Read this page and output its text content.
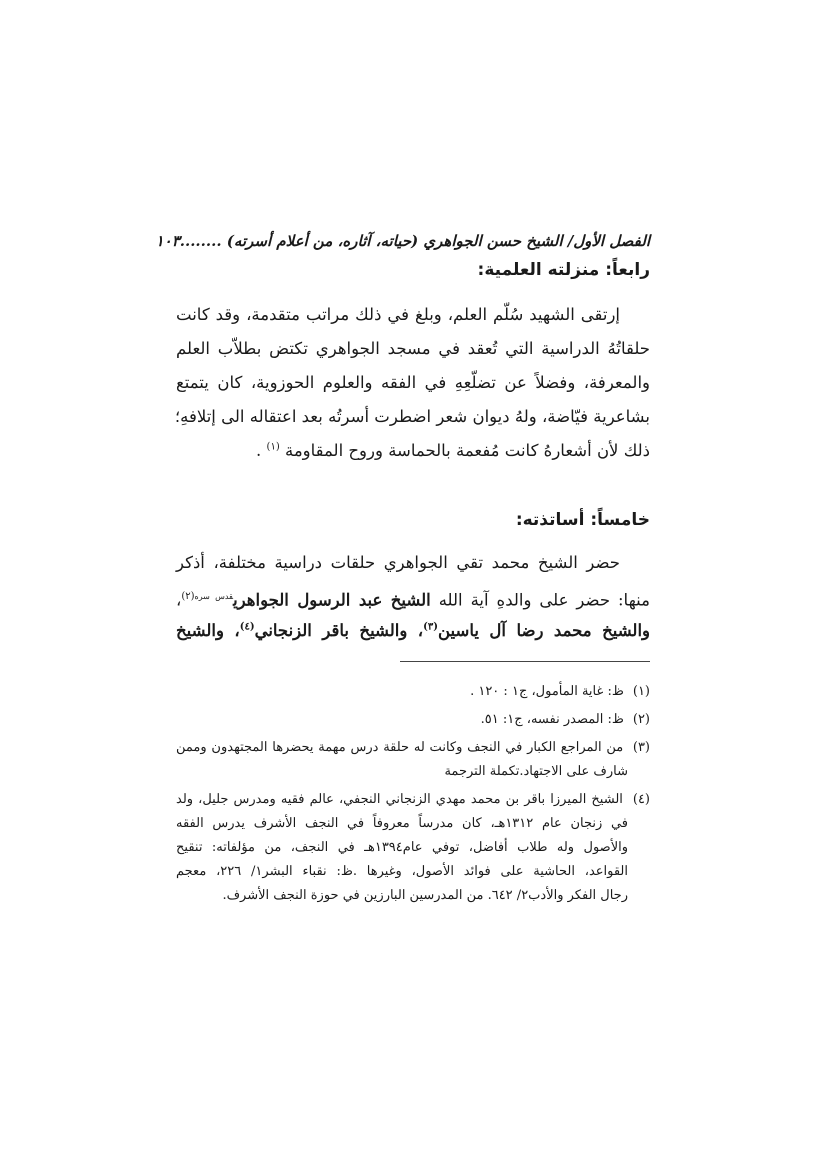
الفصل الأول/ الشيخ حسن الجواهري (حياته، آثاره، من أعلام أسرته) ........١٠٣
رابعاً: منزلته العلمية:
إرتقى الشهيد سُلّم العلم، وبلغ في ذلك مراتب متقدمة، وقد كانت
حلقاتُهُ الدراسية التي تُعقد في مسجد الجواهري تكتض بطلاّب العلم
والمعرفة، وفضلاً عن تضلّعِهِ في الفقه والعلوم الحوزوية، كان يتمتع
بشاعرية فيّاضة، ولهُ ديوان شعر اضطرت أسرتُه بعد اعتقاله الى إتلافهِ؛
ذلك لأن أشعارهُ كانت مُفعمة بالحماسة وروح المقاومة $^{(١)}$ .
خامساً: أساتذته:
حضر الشيخ محمد تقي الجواهري حلقات دراسية مختلفة، أذكر
منها: حضر على والدهِ آية الله الشيخ عبد الرسول الجواهري$^{قدس سره(٢)}$،
والشيخ محمد رضا آل ياسين$^{(٣)}$، والشيخ باقر الزنجاني$^{(٤)}$، والشيخ
(١) ظ: غاية المأمول، ج١ : ١٢٠ .
(٢) ظ: المصدر نفسه، ج١: ٥١.
(٣) من المراجع الكبار في النجف وكانت له حلقة درس مهمة يحضرها المجتهدون وممن
شارف على الاجتهاد.تكملة الترجمة
(٤) الشيخ الميرزا باقر بن محمد مهدي الزنجاني النجفي، عالم فقيه ومدرس جليل، ولد
في زنجان عام ١٣١٢هـ، كان مدرساً معروفاً في النجف الأشرف يدرس الفقه
والأصول وله طلاب أفاضل، توفي عام١٣٩٤هـ في النجف، من مؤلفاته: تنقيح
القواعد، الحاشية على فوائد الأصول، وغيرها .ظ: نقباء البشر١/ ٢٢٦، معجم
رجال الفكر والأدب٢/ ٦٤٢. من المدرسين البارزين في حوزة النجف الأشرف.
